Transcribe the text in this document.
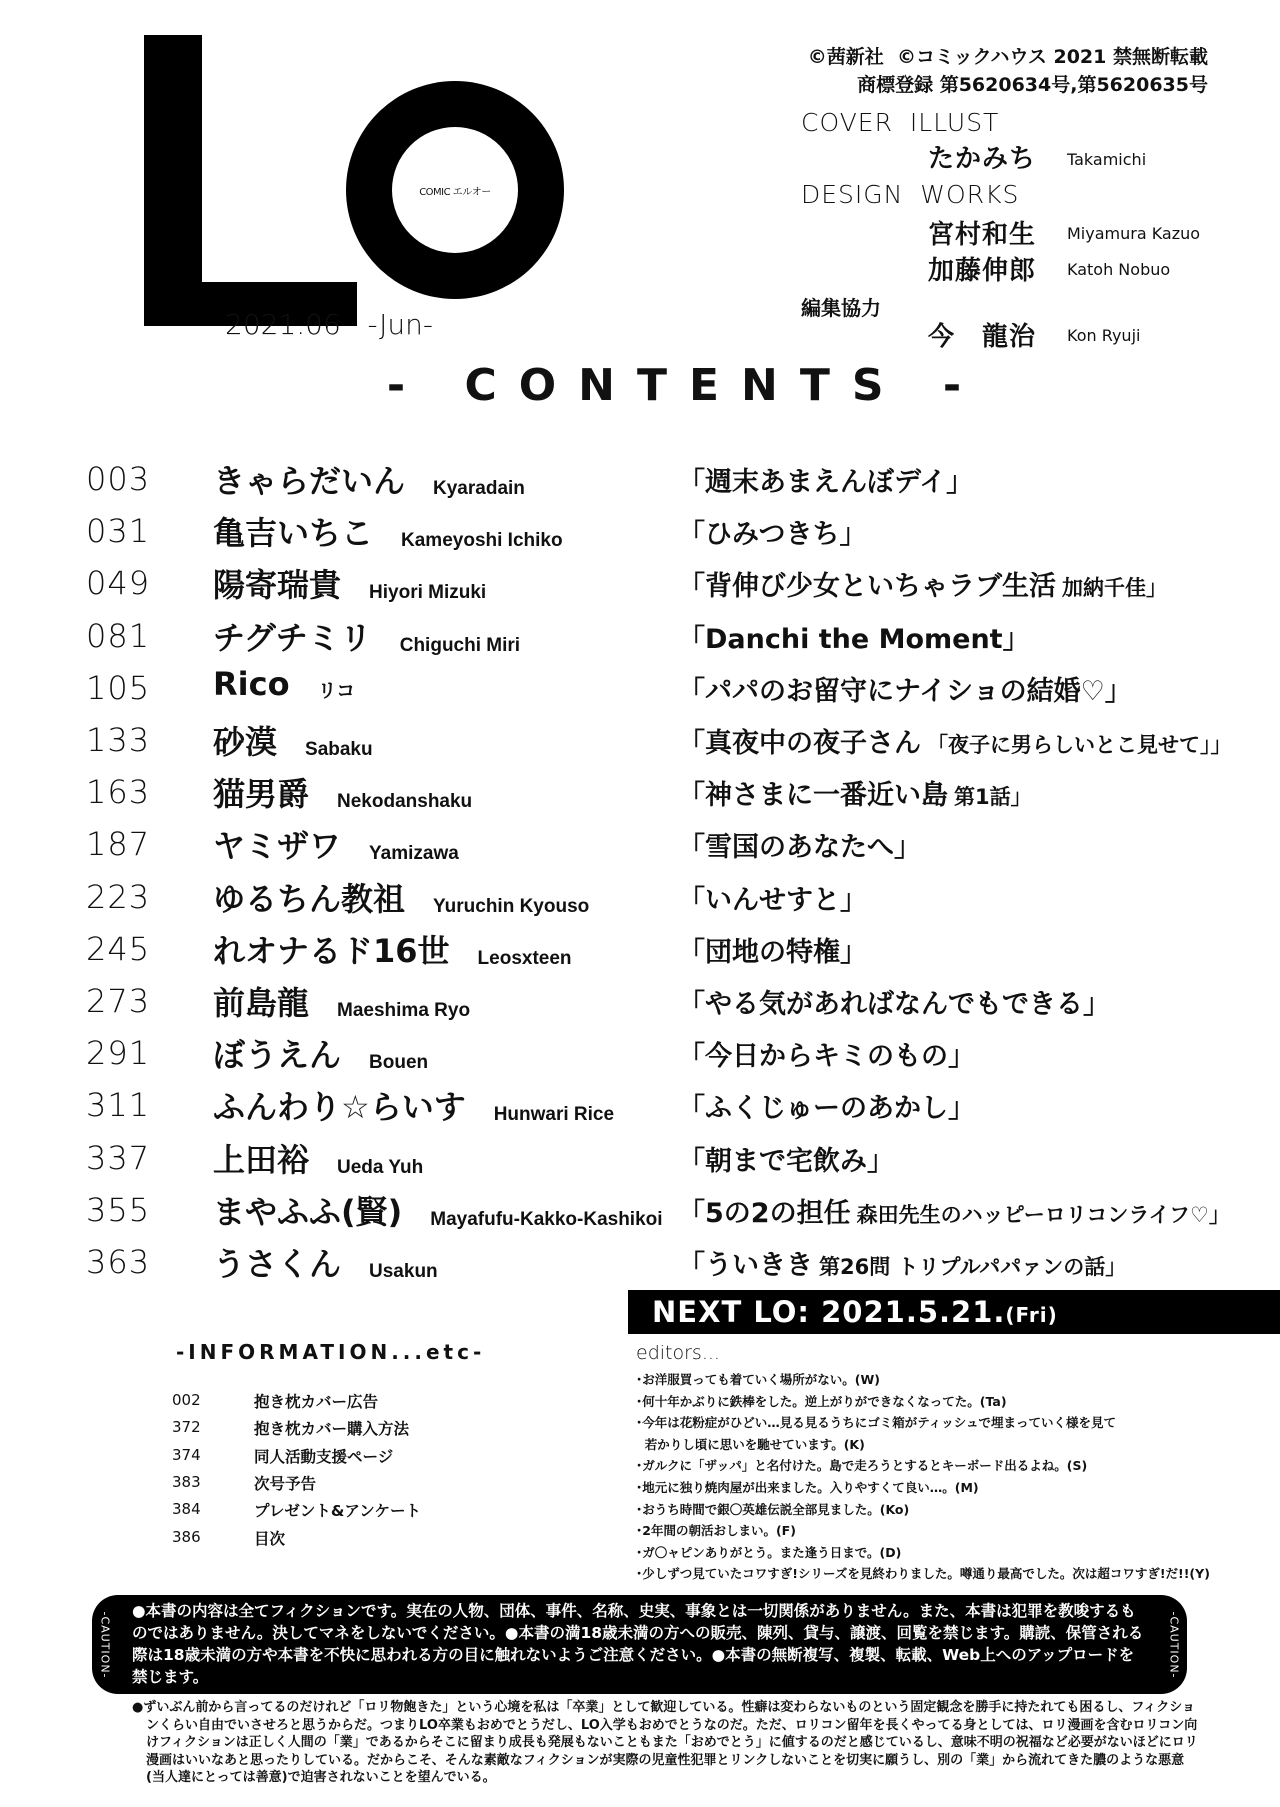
COMIC エルオー
2021.06   -Jun-
©茜新社  ©コミックハウス 2021 禁無断転載
商標登録 第5620634号,第5620635号
COVER ILLUST
たかみち Takamichi
DESIGN WORKS
宮村和生 Miyamura Kazuo
加藤伸郎 Katoh Nobuo
編集協力
今　龍治 Kon Ryuji
- CONTENTS -
003	きゃらだいん Kyaradain	「週末あまえんぼデイ」
031	亀吉いちこ Kameyoshi Ichiko	「ひみつきち」
049	陽寄瑞貴 Hiyori Mizuki	「背伸び少女といちゃラブ生活 加納千佳」
081	チグチミリ Chiguchi Miri	「Danchi the Moment」
105	Rico リコ	「パパのお留守にナイショの結婚♡」
133	砂漠 Sabaku	「真夜中の夜子さん 「夜子に男らしいとこ見せて」」
163	猫男爵 Nekodanshaku	「神さまに一番近い島 第1話」
187	ヤミザワ Yamizawa	「雪国のあなたへ」
223	ゆるちん教祖 Yuruchin Kyouso	「いんせすと」
245	れオナるド16世 Leosxteen	「団地の特権」
273	前島龍 Maeshima Ryo	「やる気があればなんでもできる」
291	ぼうえん Bouen	「今日からキミのもの」
311	ふんわり☆らいす Hunwari Rice	「ふくじゅーのあかし」
337	上田裕 Ueda Yuh	「朝まで宅飲み」
355	まやふふ(賢) Mayafufu-Kakko-Kashikoi 「5の2の担任 森田先生のハッピーロリコンライフ♡」
363	うさくん Usakun	「ういきき 第26問 トリプルパパァンの話」
NEXT LO: 2021.5.21.(Fri)
editors...
･お洋服買っても着ていく場所がない。(W)
･何十年かぶりに鉄棒をした。逆上がりができなくなってた。(Ta)
･今年は花粉症がひどい…見る見るうちにゴミ箱がティッシュで埋まっていく様を見て
若かりし頃に思いを馳せています。(K)
･ガルクに「ザッパ」と名付けた。島で走ろうとするとキーボード出るよね。(S)
･地元に独り焼肉屋が出来ました。入りやすくて良い…。(M)
･おうち時間で銀〇英雄伝説全部見ました。(Ko)
･2年間の朝活おしまい。(F)
･ガ〇ャピンありがとう。また逢う日まで。(D)
･少しずつ見ていたコワすぎ!シリーズを見終わりました。噂通り最高でした。次は超コワすぎ!だ!!(Y)
-INFORMATION...etc-
002	抱き枕カバー広告
372	抱き枕カバー購入方法
374	同人活動支援ページ
383	次号予告
384	プレゼント&アンケート
386	目次
-CAUTION- ●本書の内容は全てフィクションです。実在の人物、団体、事件、名称、史実、事象とは一切関係がありません。また、本書は犯罪を教唆するものではありません。決してマネをしないでください。●本書の満18歳未満の方への販売、陳列、貸与、譲渡、回覧を禁じます。購読、保管される際は18歳未満の方や本書を不快に思われる方の目に触れないようご注意ください。●本書の無断複写、複製、転載、Web上へのアップロードを禁じます。	-CAUTION-
●ずいぶん前から言ってるのだけれど「ロリ物飽きた」という心境を私は「卒業」として歓迎している。性癖は変わらないものという固定観念を勝手に持たれても困るし、フィクションくらい自由でいさせろと思うからだ。つまりLO卒業もおめでとうだし、LO入学もおめでとうなのだ。ただ、ロリコン留年を長くやってる身としては、ロリ漫画を含むロリコン向けフィクションは正しく人間の「業」であるからそこに留まり成長も発展もないこともまた「おめでとう」に値するのだと感じているし、意味不明の祝福など必要がないほどにロリ漫画はいいなあと思ったりしている。だからこそ、そんな素敵なフィクションが実際の児童性犯罪とリンクしないことを切実に願うし、別の「業」から流れてきた膿のような悪意(当人達にとっては善意)で迫害されないことを望んでいる。
